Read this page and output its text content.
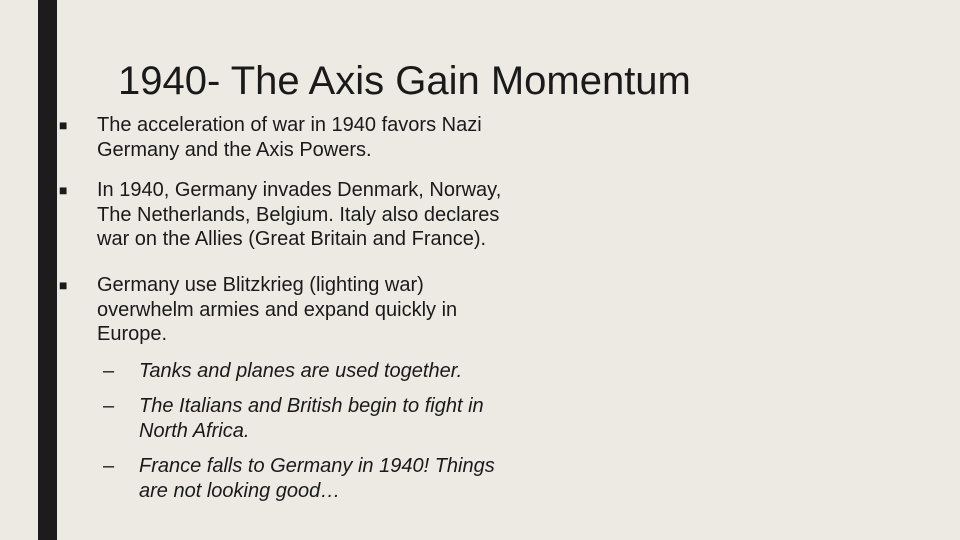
1940- The Axis Gain Momentum
■	The acceleration of war in 1940 favors Nazi
Germany and the Axis Powers.
■	In 1940, Germany invades Denmark, Norway,
The Netherlands, Belgium. Italy also declares
war on the Allies (Great Britain and France).
■	Germany use Blitzkrieg (lighting war)
overwhelm armies and expand quickly in
Europe.
–	Tanks and planes are used together.
–	The Italians and British begin to fight in
North Africa.
–	France falls to Germany in 1940! Things
are not looking good…
